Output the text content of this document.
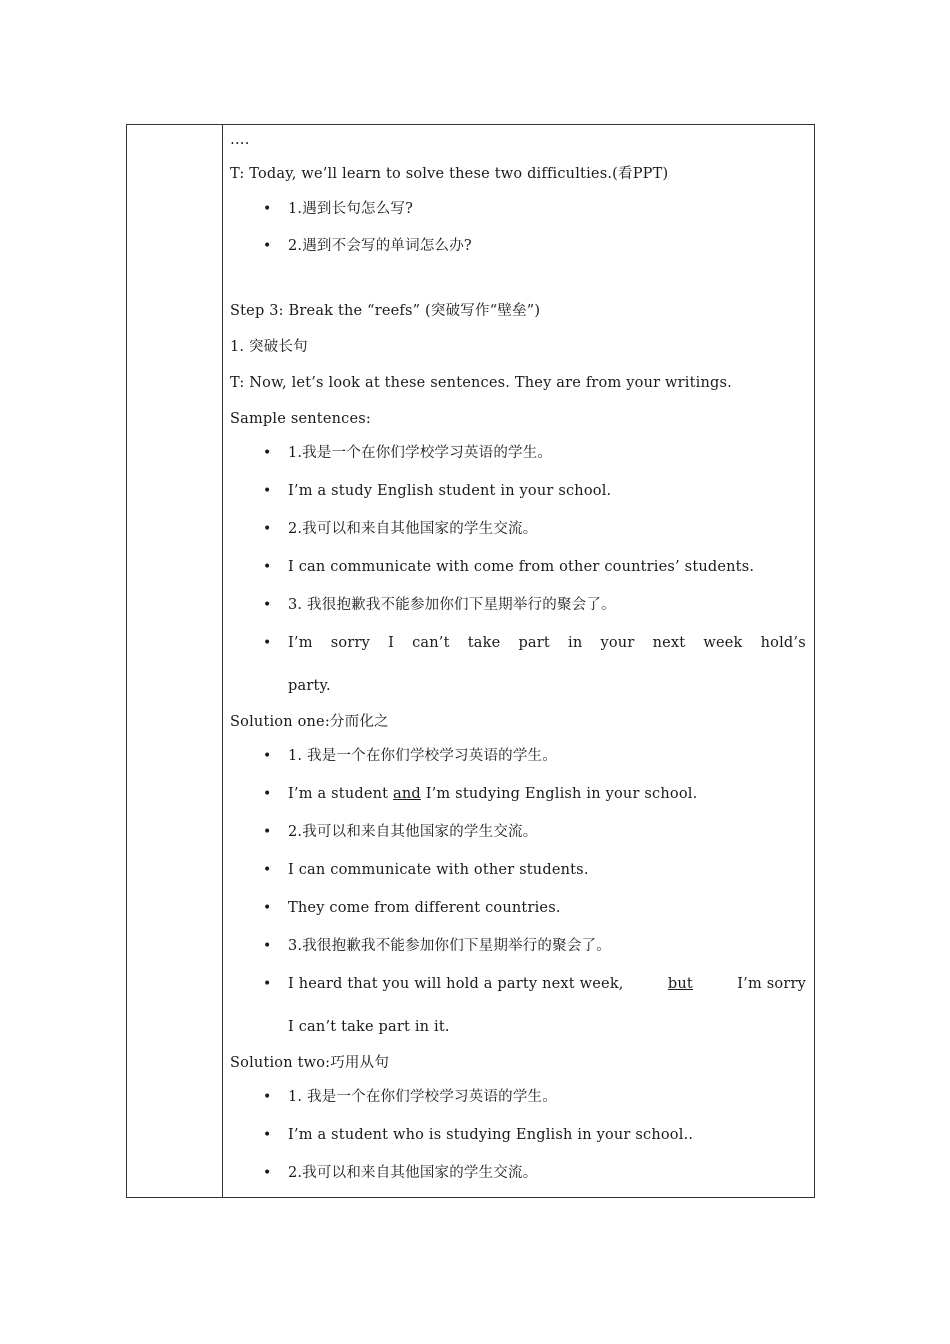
….
T: Today, we’ll learn to solve these two difficulties.(看PPT)
• 1.遇到长句怎么写?
• 2.遇到不会写的单词怎么办?
Step 3: Break the “reefs” (突破写作“壁垒”)
1. 突破长句
T: Now, let’s look at these sentences. They are from your writings.
Sample sentences:
• 1.我是一个在你们学校学习英语的学生。
• I’m a study English student in your school.
• 2.我可以和来自其他国家的学生交流。
• I can communicate with come from other countries’ students.
• 3. 我很抱歉我不能参加你们下星期举行的聚会了。
• I’m sorry I can’t take part in your next week hold’s
party.
Solution one:分而化之
• 1. 我是一个在你们学校学习英语的学生。
• I’m a student and I’m studying English in your school.
• 2.我可以和来自其他国家的学生交流。
• I can communicate with other students.
• They come from different countries.
• 3.我很抱歉我不能参加你们下星期举行的聚会了。
• I heard that you will hold a party next week,	but	I’m sorry
I can’t take part in it.
Solution two:巧用从句
• 1. 我是一个在你们学校学习英语的学生。
• I’m a student who is studying English in your school..
• 2.我可以和来自其他国家的学生交流。
